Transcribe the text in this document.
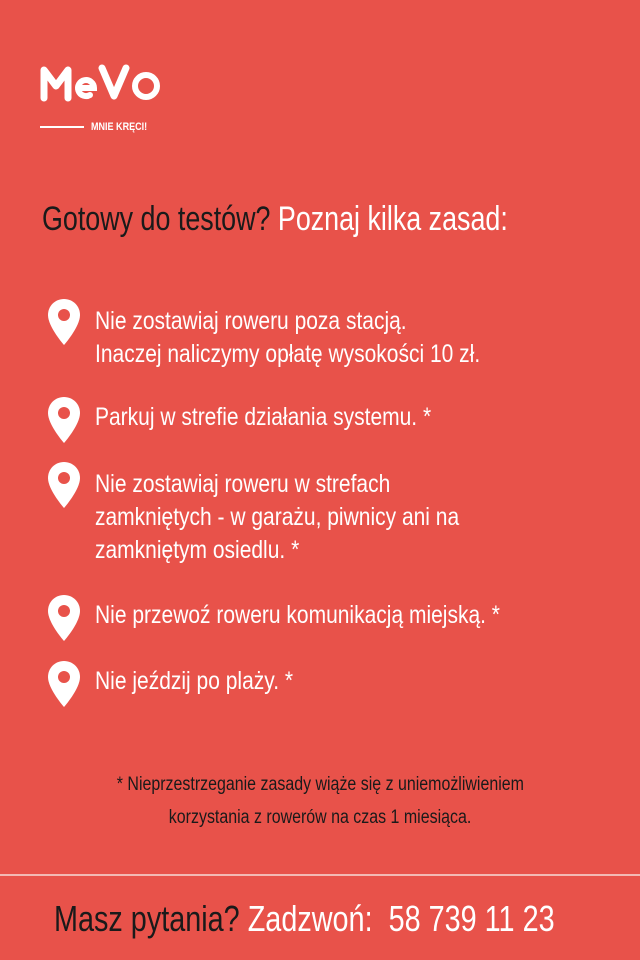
MNIE KRĘCI!
Gotowy do testów? Poznaj kilka zasad:
Nie zostawiaj roweru poza stacją.
Inaczej naliczymy opłatę wysokości 10 zł.
Parkuj w strefie działania systemu. *
Nie zostawiaj roweru w strefach
zamkniętych - w garażu, piwnicy ani na
zamkniętym osiedlu. *
Nie przewoź roweru komunikacją miejską. *
Nie jeździj po plaży. *
* Nieprzestrzeganie zasady wiąże się z uniemożliwieniem
korzystania z rowerów na czas 1 miesiąca.
Masz pytania? Zadzwoń: 58 739 11 23
